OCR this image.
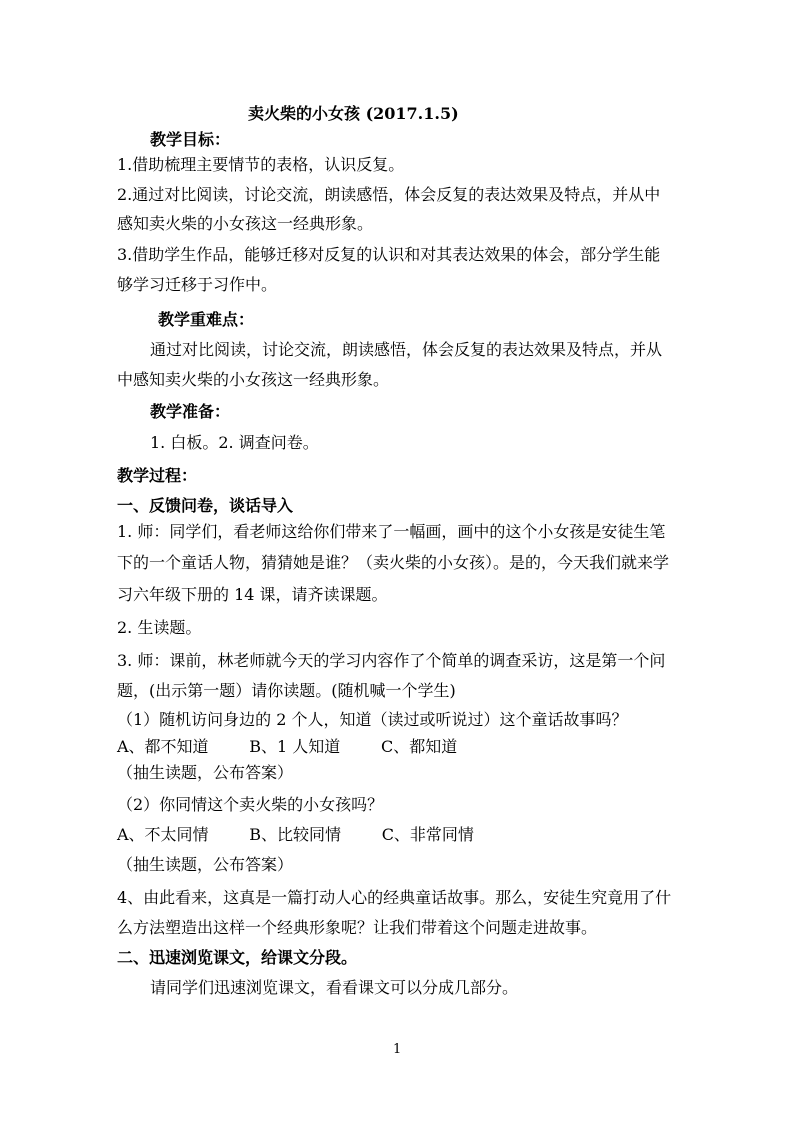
卖火柴的小女孩 (2017.1.5)
教学目标：
1.借助梳理主要情节的表格，认识反复。
2.通过对比阅读，讨论交流，朗读感悟，体会反复的表达效果及特点，并从中
感知卖火柴的小女孩这一经典形象。
3.借助学生作品，能够迁移对反复的认识和对其表达效果的体会，部分学生能
够学习迁移于习作中。
教学重难点：
通过对比阅读，讨论交流，朗读感悟，体会反复的表达效果及特点，并从
中感知卖火柴的小女孩这一经典形象。
教学准备：
1. 白板。2. 调查问卷。
教学过程：
一、反馈问卷，谈话导入
1. 师：同学们，看老师这给你们带来了一幅画，画中的这个小女孩是安徒生笔
下的一个童话人物，猜猜她是谁？（卖火柴的小女孩）。是的，今天我们就来学
习六年级下册的 14 课，请齐读课题。
2. 生读题。
3. 师：课前，林老师就今天的学习内容作了个简单的调查采访，这是第一个问
题，(出示第一题）请你读题。(随机喊一个学生)
（1）随机访问身边的 2 个人，知道（读过或听说过）这个童话故事吗？
A、都不知道        B、1 人知道        C、都知道
（抽生读题，公布答案）
（2）你同情这个卖火柴的小女孩吗？
A、不太同情        B、比较同情        C、非常同情
（抽生读题，公布答案）
4、由此看来，这真是一篇打动人心的经典童话故事。那么，安徒生究竟用了什
么方法塑造出这样一个经典形象呢？让我们带着这个问题走进故事。
二、迅速浏览课文，给课文分段。
请同学们迅速浏览课文，看看课文可以分成几部分。
1
